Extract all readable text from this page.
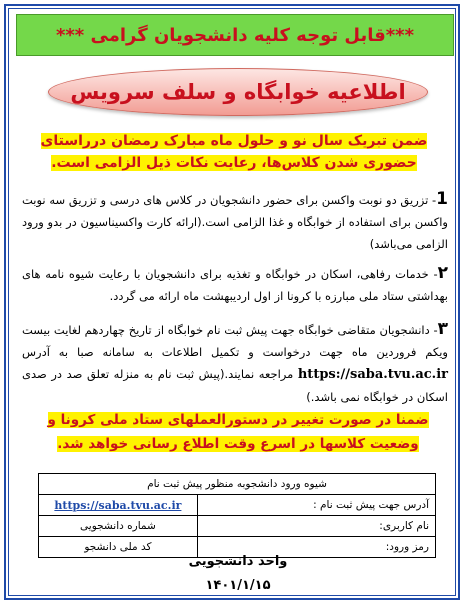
***قابل توجه کلیه دانشجویان گرامی ***
اطلاعیه خوابگاه و سلف سرویس
ضمن تبریک سال نو و حلول ماه مبارک رمضان درراستای حضوری شدن کلاس‌ها، رعایت نکات ذیل الزامی است.
1- تزریق دو نوبت واکسن برای حضور دانشجویان در کلاس های درسی و تزریق سه نوبت واکسن برای استفاده از خوابگاه و غذا الزامی است.(ارائه کارت واکسیناسیون در بدو ورود الزامی می‌باشد)
۲- خدمات رفاهی، اسکان در خوابگاه و تغذیه برای دانشجویان با رعایت شیوه نامه های بهداشتی ستاد ملی مبارزه با کرونا از اول اردیبهشت ماه ارائه می گردد.
۳- دانشجویان متقاضی خوابگاه جهت پیش ثبت نام خوابگاه از تاریخ چهاردهم لغایت بیست ویکم فروردین ماه جهت درخواست و تکمیل اطلاعات به سامانه صبا به آدرس https://saba.tvu.ac.ir مراجعه نمایند.(پیش ثبت نام به منزله تعلق صد در صدی اسکان در خوابگاه نمی باشد.)
ضمنا در صورت تغییر در دستورالعملهای ستاد ملی کرونا و وضعیت کلاسها در اسرع وقت اطلاع رسانی خواهد شد.
شیوه ورود دانشجوبه منظور پیش ثبت نام	
آدرس جهت پیش ثبت نام :	https://saba.tvu.ac.ir
نام کاربری:	شماره دانشجویی
رمز ورود:	کد ملی دانشجو
واحد دانشجویی
۱۴۰۱/۱/۱۵
